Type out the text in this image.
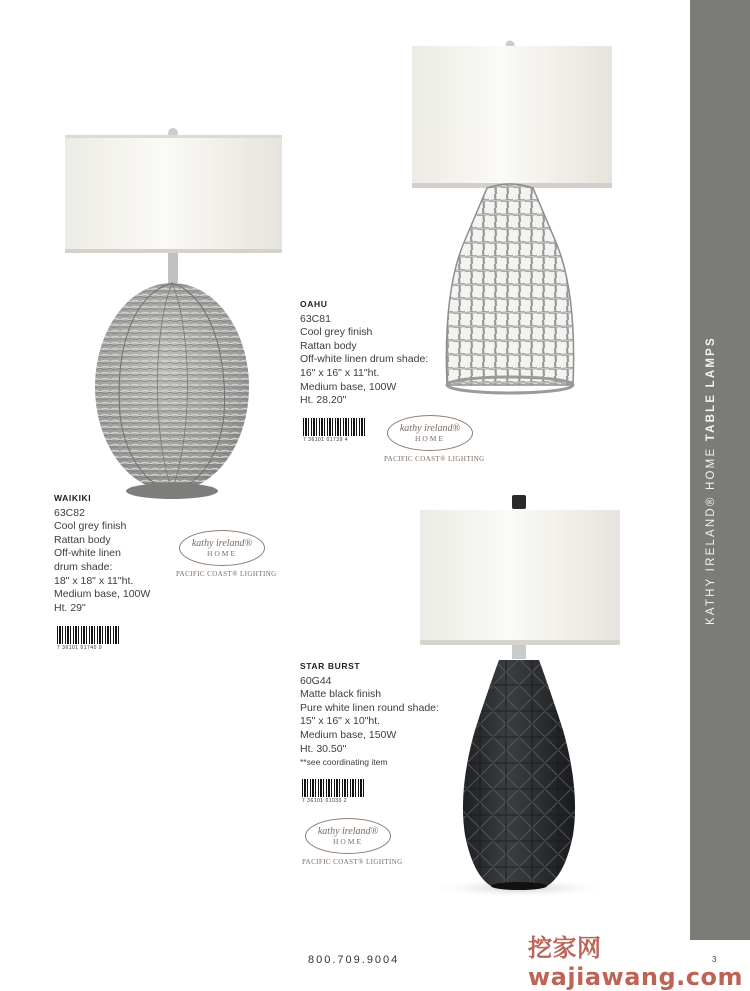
KATHY IRELAND® HOME TABLE LAMPS
3
WAIKIKI
63C82
Cool grey finish
Rattan body
Off-white linen
drum shade:
18" x 18" x 11"ht.
Medium base, 100W
Ht. 29"
7 36101 01740 0
kathy ireland®
HOME
PACIFIC COAST® LIGHTING
OAHU
63C81
Cool grey finish
Rattan body
Off-white linen drum shade:
16" x 16" x 11"ht.
Medium base, 100W
Ht. 28.20"
7 36101 01739 4
kathy ireland®
HOME
PACIFIC COAST® LIGHTING
STAR BURST
60G44
Matte black finish
Pure white linen round shade:
15" x 16" x 10"ht.
Medium base, 150W
Ht. 30.50"
**see coordinating item
7 36101 01030 2
kathy ireland®
HOME
PACIFIC COAST® LIGHTING
800.709.9004	挖家网 wajiawang.com
